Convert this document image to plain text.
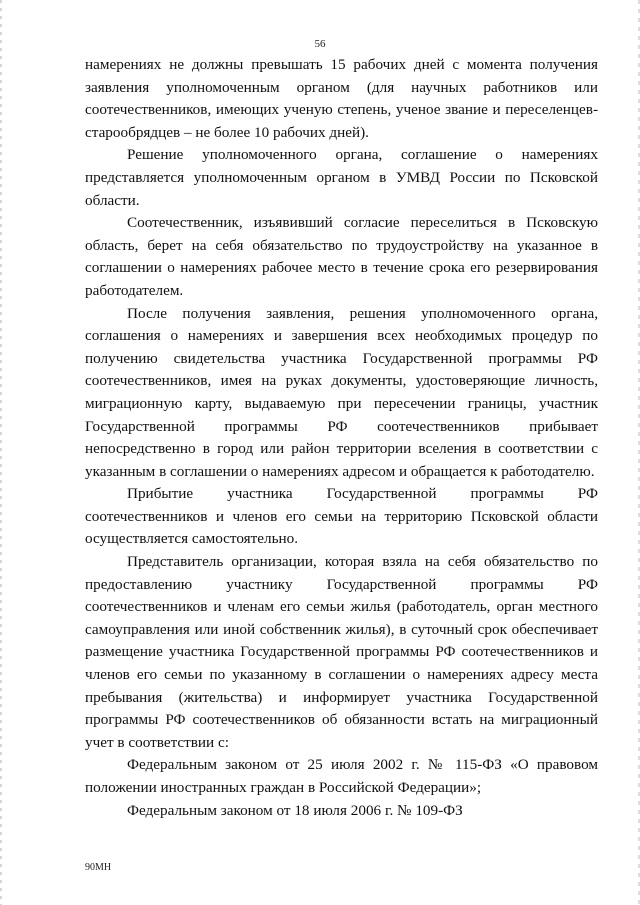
56

намерениях не должны превышать 15 рабочих дней с момента получения заявления уполномоченным органом (для научных работников или соотечественников, имеющих ученую степень, ученое звание и переселенцев-старообрядцев – не более 10 рабочих дней).

Решение уполномоченного органа, соглашение о намерениях представляется уполномоченным органом в УМВД России по Псковской области.

Соотечественник, изъявивший согласие переселиться в Псковскую область, берет на себя обязательство по трудоустройству на указанное в соглашении о намерениях рабочее место в течение срока его резервирования работодателем.

После получения заявления, решения уполномоченного органа, соглашения о намерениях и завершения всех необходимых процедур по получению свидетельства участника Государственной программы РФ соотечественников, имея на руках документы, удостоверяющие личность, миграционную карту, выдаваемую при пересечении границы, участник Государственной программы РФ соотечественников прибывает непосредственно в город или район территории вселения в соответствии с указанным в соглашении о намерениях адресом и обращается к работодателю.

Прибытие участника Государственной программы РФ соотечественников и членов его семьи на территорию Псковской области осуществляется самостоятельно.

Представитель организации, которая взяла на себя обязательство по предоставлению участнику Государственной программы РФ соотечественников и членам его семьи жилья (работодатель, орган местного самоуправления или иной собственник жилья), в суточный срок обеспечивает размещение участника Государственной программы РФ соотечественников и членов его семьи по указанному в соглашении о намерениях адресу места пребывания (жительства) и информирует участника Государственной программы РФ соотечественников об обязанности встать на миграционный учет в соответствии с:

Федеральным законом от 25 июля 2002 г. № 115-ФЗ «О правовом положении иностранных граждан в Российской Федерации»;

Федеральным законом от 18 июля 2006 г. № 109-ФЗ

90МН
